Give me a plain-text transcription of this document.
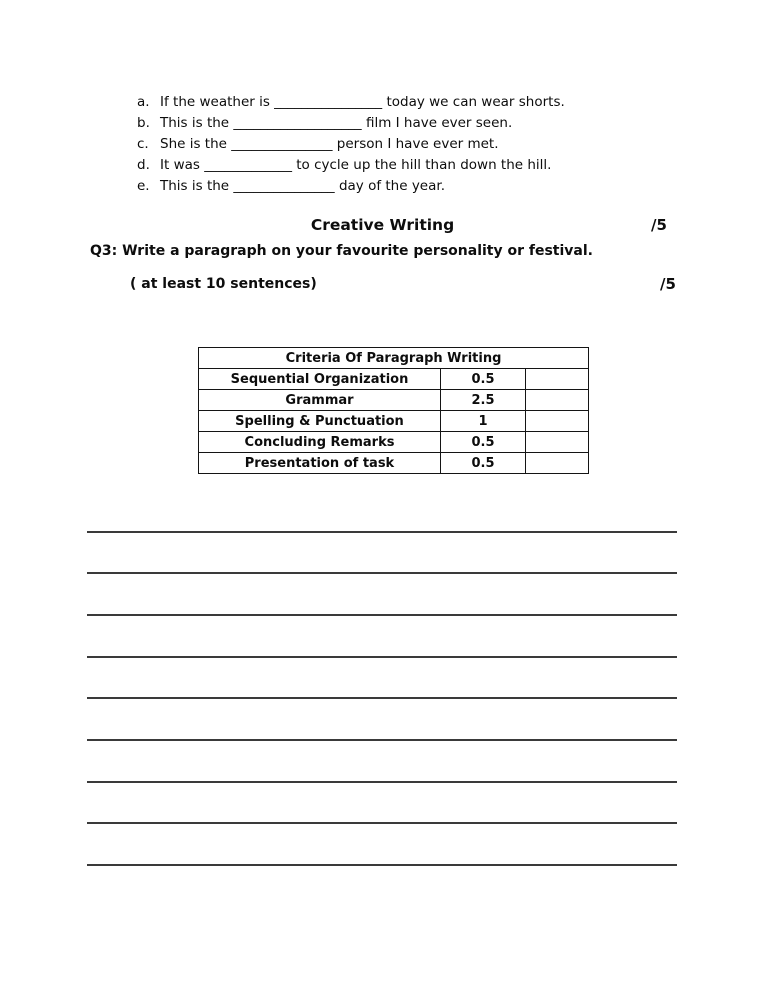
a. If the weather is ________________ today we can wear shorts.
b. This is the ___________________ film I have ever seen.
c. She is the _______________ person I have ever met.
d. It was _____________ to cycle up the hill than down the hill.
e. This is the _______________ day of the year.
Creative Writing	/5
Q3: Write a paragraph on your favourite personality or festival.
( at least 10 sentences)	/5
Criteria Of Paragraph Writing		
Sequential Organization	0.5	
Grammar	2.5	
Spelling & Punctuation	1	
Concluding Remarks	0.5	
Presentation of task	0.5	
